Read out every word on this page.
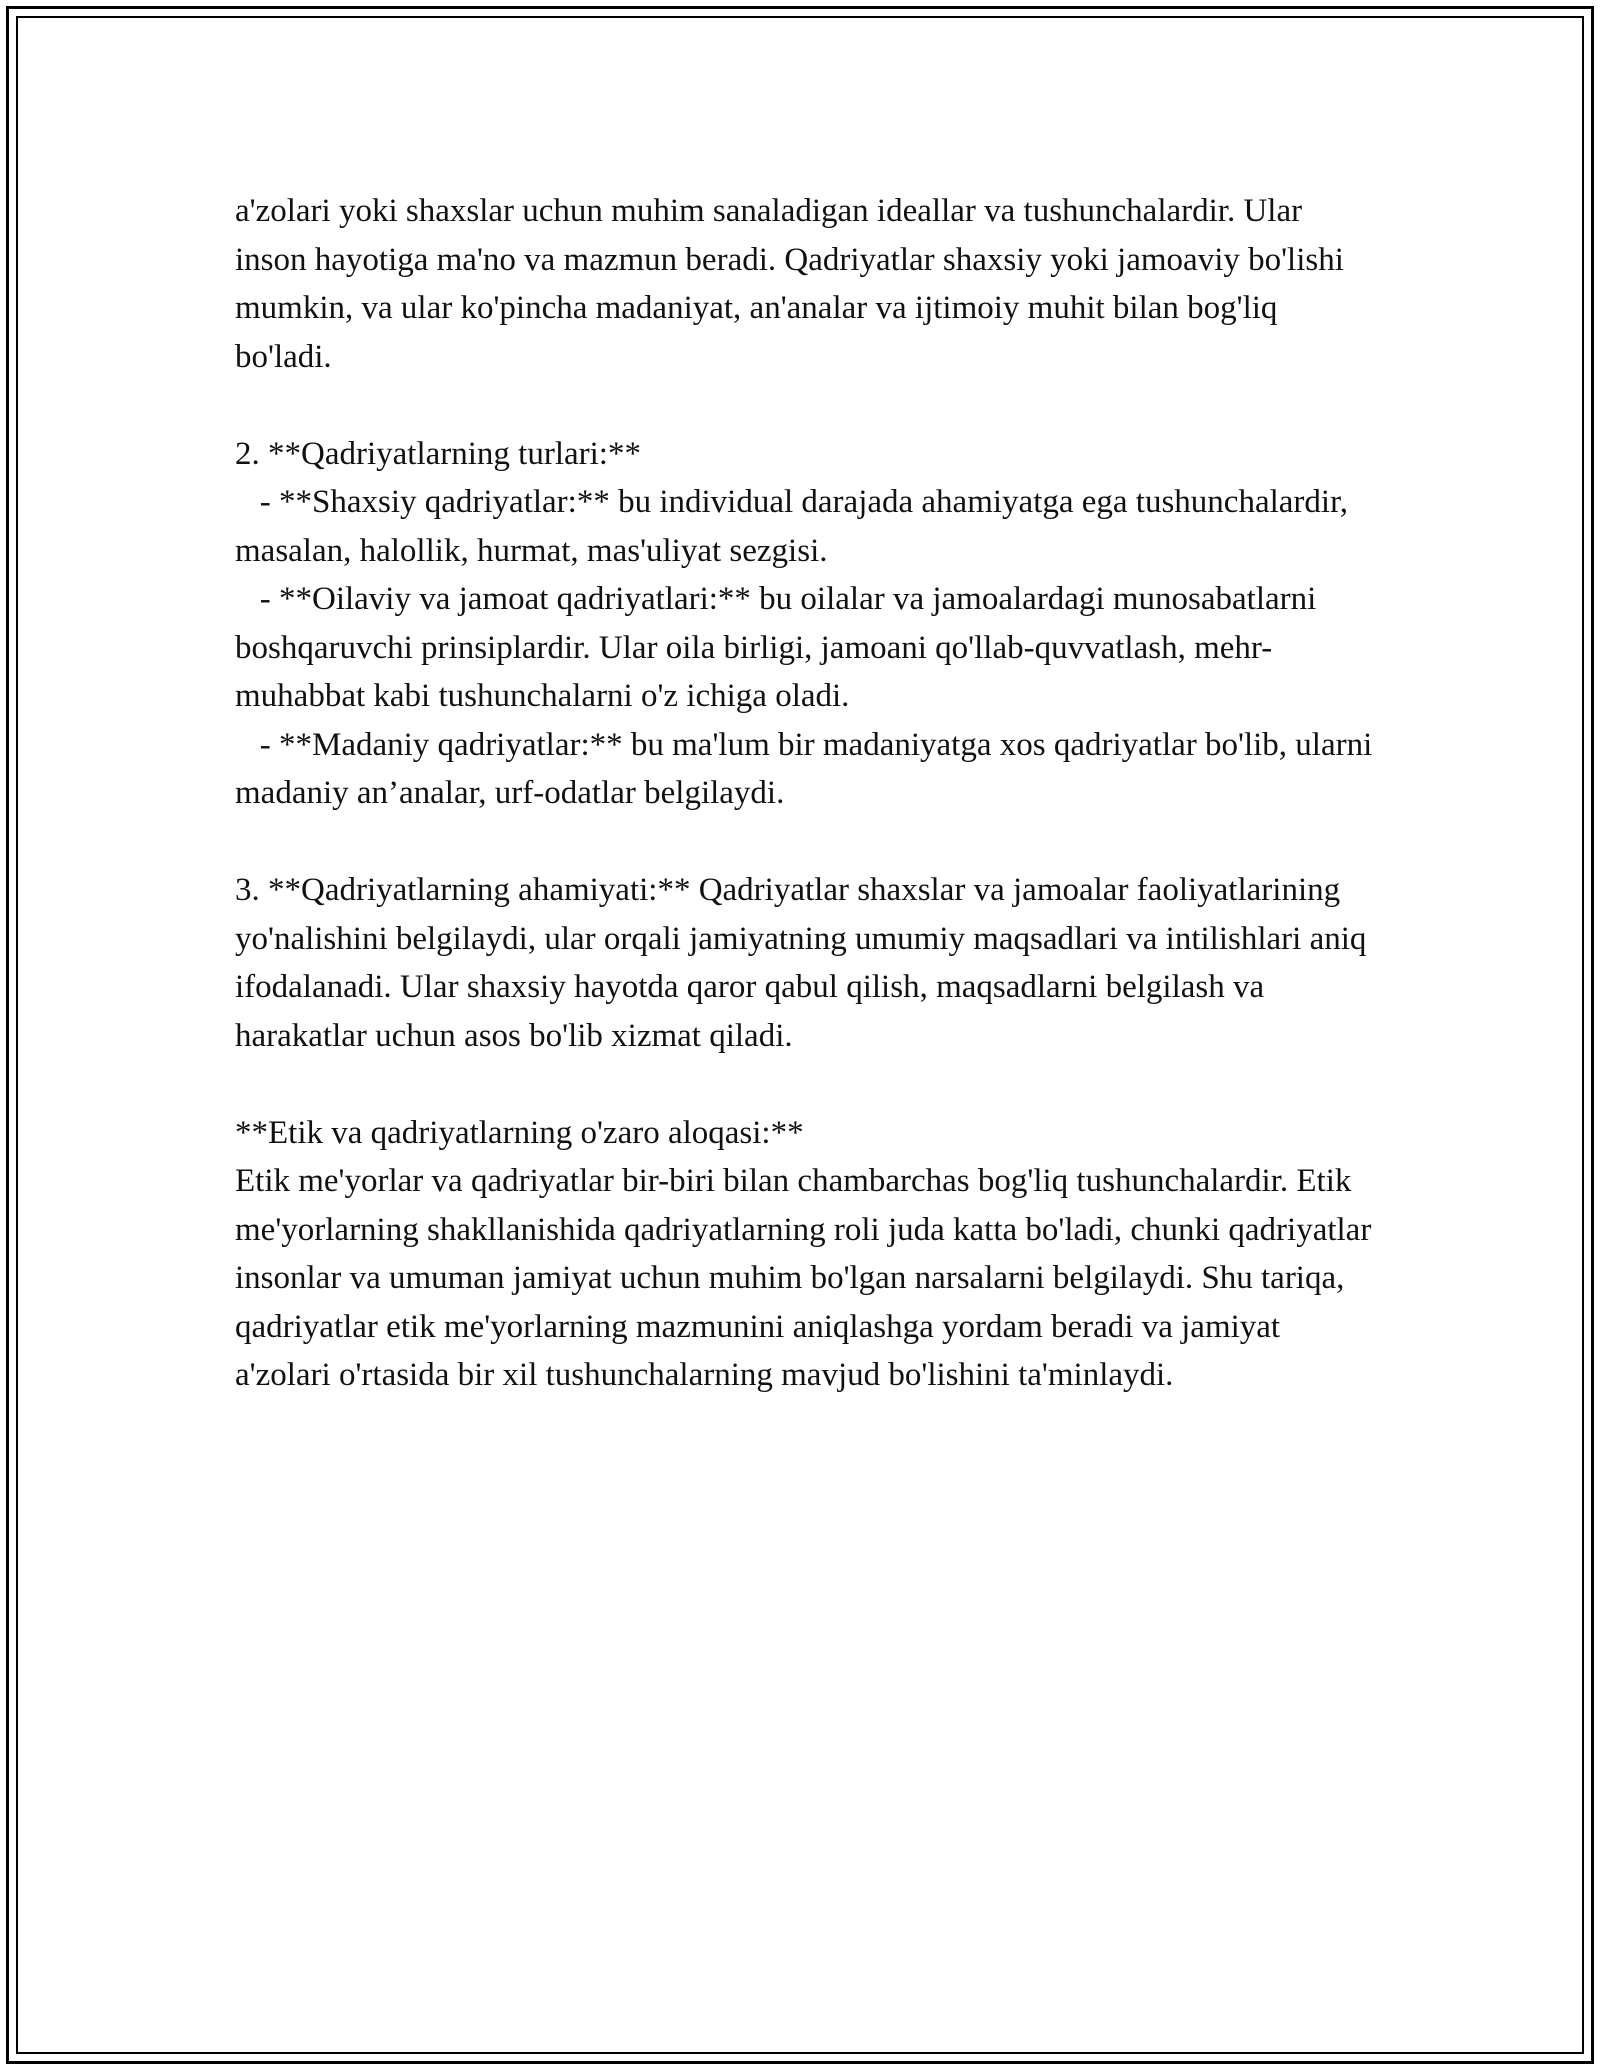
a'zolari yoki shaxslar uchun muhim sanaladigan ideallar va tushunchalardir. Ular inson hayotiga ma'no va mazmun beradi. Qadriyatlar shaxsiy yoki jamoaviy bo'lishi mumkin, va ular ko'pincha madaniyat, an'analar va ijtimoiy muhit bilan bog'liq bo'ladi.

2. **Qadriyatlarning turlari:**

- **Shaxsiy qadriyatlar:** bu individual darajada ahamiyatga ega tushunchalardir, masalan, halollik, hurmat, mas'uliyat sezgisi.

- **Oilaviy va jamoat qadriyatlari:** bu oilalar va jamoalardagi munosabatlarni boshqaruvchi prinsiplardir. Ular oila birligi, jamoani qo'llab-quvvatlash, mehr-muhabbat kabi tushunchalarni o'z ichiga oladi.

- **Madaniy qadriyatlar:** bu ma'lum bir madaniyatga xos qadriyatlar bo'lib, ularni madaniy an’analar, urf-odatlar belgilaydi.

3. **Qadriyatlarning ahamiyati:** Qadriyatlar shaxslar va jamoalar faoliyatlarining yo'nalishini belgilaydi, ular orqali jamiyatning umumiy maqsadlari va intilishlari aniq ifodalanadi. Ular shaxsiy hayotda qaror qabul qilish, maqsadlarni belgilash va harakatlar uchun asos bo'lib xizmat qiladi.

**Etik va qadriyatlarning o'zaro aloqasi:**

Etik me'yorlar va qadriyatlar bir-biri bilan chambarchas bog'liq tushunchalardir. Etik me'yorlarning shakllanishida qadriyatlarning roli juda katta bo'ladi, chunki qadriyatlar insonlar va umuman jamiyat uchun muhim bo'lgan narsalarni belgilaydi. Shu tariqa, qadriyatlar etik me'yorlarning mazmunini aniqlashga yordam beradi va jamiyat a'zolari o'rtasida bir xil tushunchalarning mavjud bo'lishini ta'minlaydi.
